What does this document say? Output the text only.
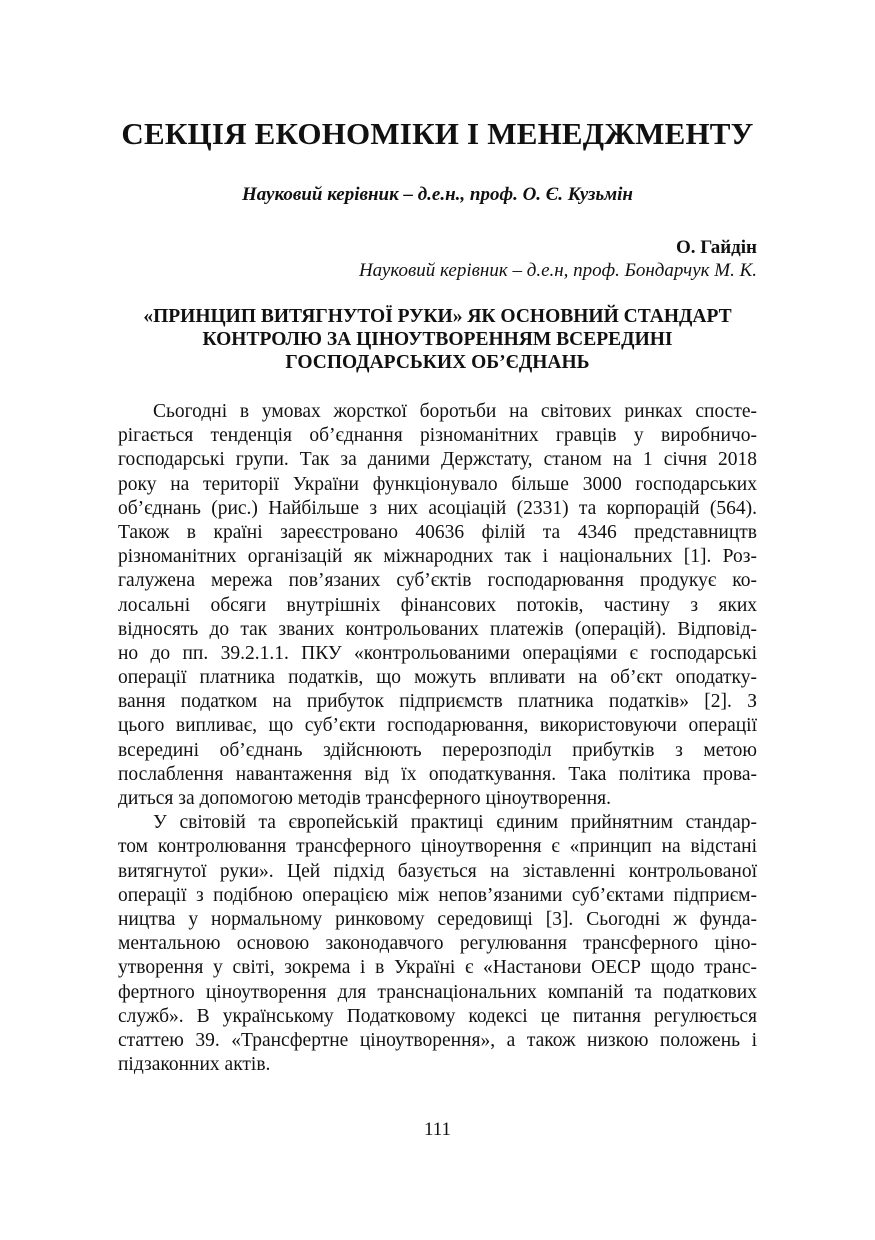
СЕКЦІЯ ЕКОНОМІКИ І МЕНЕДЖМЕНТУ

Науковий керівник – д.е.н., проф. О. Є. Кузьмін

О. Гайдін

Науковий керівник – д.е.н, проф. Бондарчук М. К.

«ПРИНЦИП ВИТЯГНУТОЇ РУКИ» ЯК ОСНОВНИЙ СТАНДАРТ
КОНТРОЛЮ ЗА ЦІНОУТВОРЕННЯМ ВСЕРЕДИНІ
ГОСПОДАРСЬКИХ ОБ’ЄДНАНЬ
Сьогодні в умовах жорсткої боротьби на світових ринках спосте-
рігається тенденція об’єднання різноманітних гравців у виробничо-
господарські групи. Так за даними Держстату, станом на 1 січня 2018
року на території України функціонувало більше 3000 господарських
об’єднань (рис.) Найбільше з них асоціацій (2331) та корпорацій (564).
Також в країні зареєстровано 40636 філій та 4346 представництв
різноманітних організацій як міжнародних так і національних [1]. Роз-
галужена мережа пов’язаних суб’єктів господарювання продукує ко-
лосальні обсяги внутрішніх фінансових потоків, частину з яких
відносять до так званих контрольованих платежів (операцій). Відповід-
но до пп. 39.2.1.1. ПКУ «контрольованими операціями є господарські
операції платника податків, що можуть впливати на об’єкт оподатку-
вання податком на прибуток підприємств платника податків» [2]. З
цього випливає, що суб’єкти господарювання, використовуючи операції
всередині об’єднань здійснюють перерозподіл прибутків з метою
послаблення навантаження від їх оподаткування. Така політика прова-
диться за допомогою методів трансферного ціноутворення.
У світовій та європейській практиці єдиним прийнятним стандар-
том контролювання трансферного ціноутворення є «принцип на відстані
витягнутої руки». Цей підхід базується на зіставленні контрольованої
операції з подібною операцією між непов’язаними суб’єктами підприєм-
ництва у нормальному ринковому середовищі [3]. Сьогодні ж фунда-
ментальною основою законодавчого регулювання трансферного ціно-
утворення у світі, зокрема і в Україні є «Настанови ОЕСР щодо транс-
фертного ціноутворення для транснаціональних компаній та податкових
служб». В українському Податковому кодексі це питання регулюється
статтею 39. «Трансфертне ціноутворення», а також низкою положень і
підзаконних актів.

111
